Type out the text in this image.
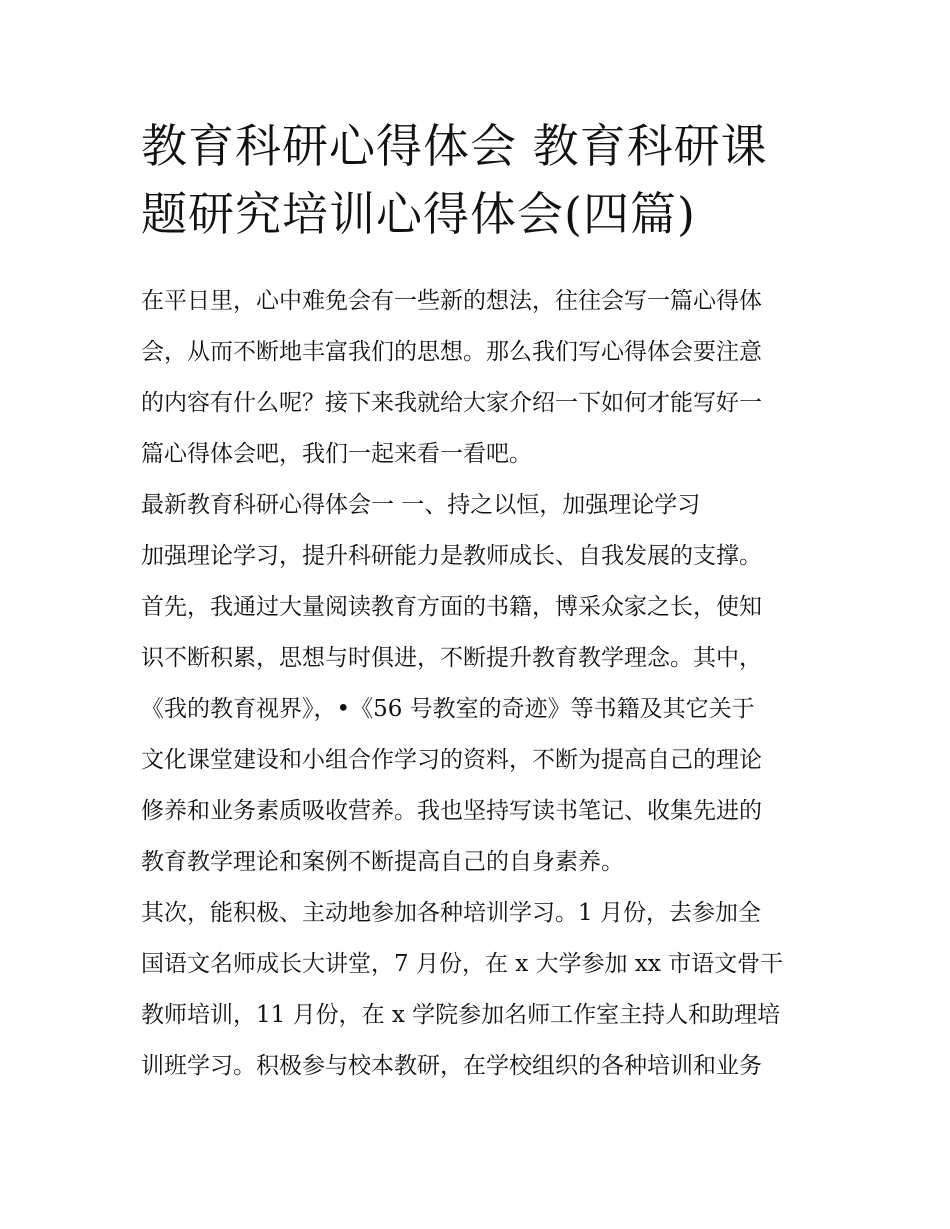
教育科研心得体会 教育科研课
题研究培训心得体会(四篇)
在平日里，心中难免会有一些新的想法，往往会写一篇心得体
会，从而不断地丰富我们的思想。那么我们写心得体会要注意
的内容有什么呢？接下来我就给大家介绍一下如何才能写好一
篇心得体会吧，我们一起来看一看吧。
最新教育科研心得体会一 一、持之以恒，加强理论学习
加强理论学习，提升科研能力是教师成长、自我发展的支撑。
首先，我通过大量阅读教育方面的书籍，博采众家之长，使知
识不断积累，思想与时俱进，不断提升教育教学理念。其中，
《我的教育视界》，•《56 号教室的奇迹》等书籍及其它关于
文化课堂建设和小组合作学习的资料，不断为提高自己的理论
修养和业务素质吸收营养。我也坚持写读书笔记、收集先进的
教育教学理论和案例不断提高自己的自身素养。
其次，能积极、主动地参加各种培训学习。1 月份，去参加全
国语文名师成长大讲堂，7 月份，在 x 大学参加 xx 市语文骨干
教师培训，11 月份，在 x 学院参加名师工作室主持人和助理培
训班学习。积极参与校本教研，在学校组织的各种培训和业务
